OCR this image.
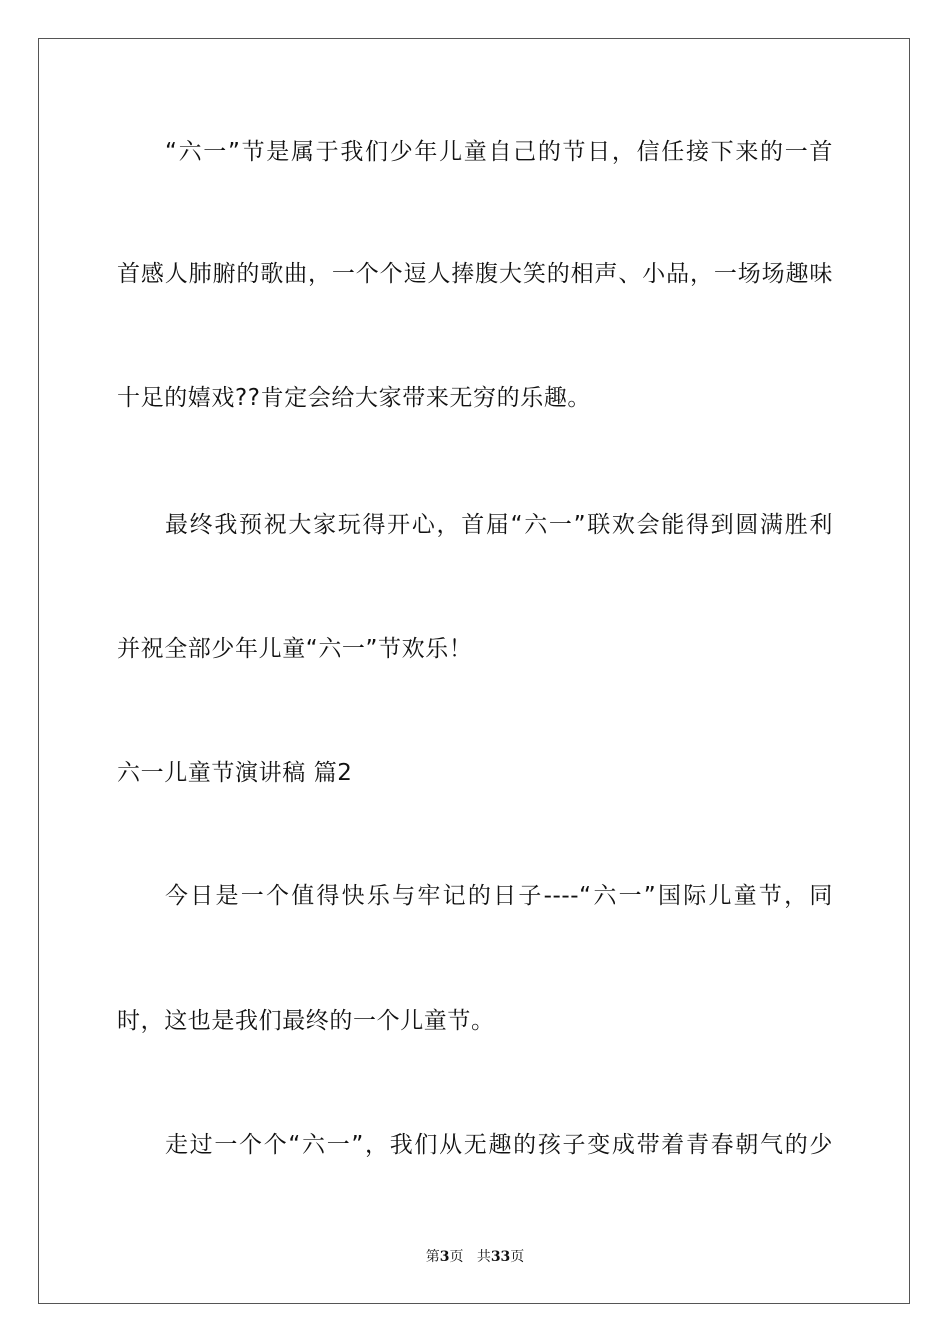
“六一”节是属于我们少年儿童自己的节日，信任接下来的一首
首感人肺腑的歌曲，一个个逗人捧腹大笑的相声、小品，一场场趣味
十足的嬉戏??肯定会给大家带来无穷的乐趣。
最终我预祝大家玩得开心，首届“六一”联欢会能得到圆满胜利
并祝全部少年儿童“六一”节欢乐！
六一儿童节演讲稿 篇2
今日是一个值得快乐与牢记的日子----“六一”国际儿童节，同
时，这也是我们最终的一个儿童节。
走过一个个“六一”，我们从无趣的孩子变成带着青春朝气的少
第3页 共33页
